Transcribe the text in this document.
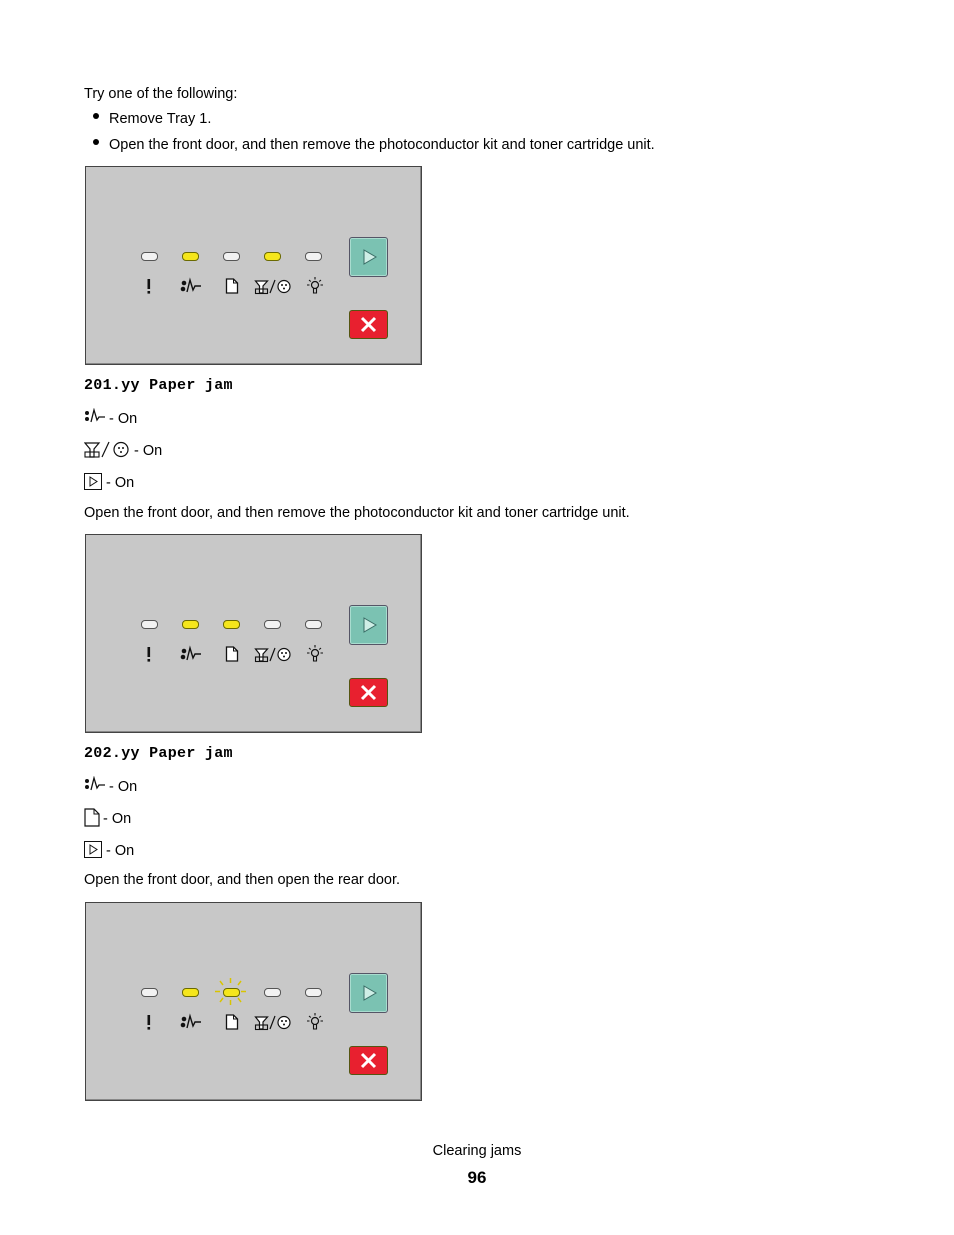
Try one of the following:
Remove Tray 1.
Open the front door, and then remove the photoconductor kit and toner cartridge unit.
201.yy Paper jam
- On
- On
- On
Open the front door, and then remove the photoconductor kit and toner cartridge unit.
202.yy Paper jam
- On
- On
- On
Open the front door, and then open the rear door.
Clearing jams
96
